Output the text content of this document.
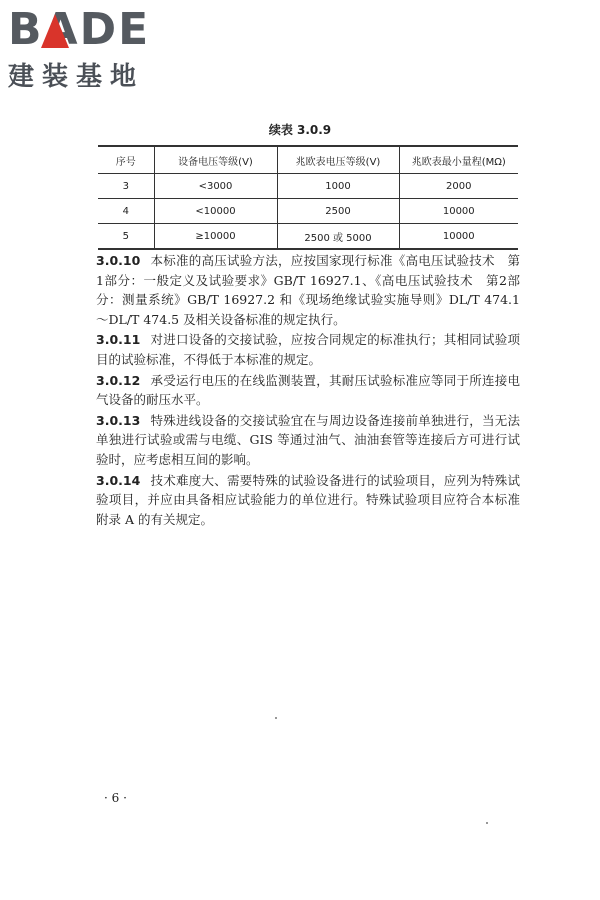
BADE
建装基地
续表 3.0.9
序号	设备电压等级(V)	兆欧表电压等级(V)	兆欧表最小量程(MΩ)
3	<3000	1000	2000
4	<10000	2500	10000
5	≥10000	2500 或 5000	10000

3.0.10 本标准的高压试验方法，应按国家现行标准《高电压试验技术　第1部分：一般定义及试验要求》GB/T 16927.1、《高电压试验技术　第2部分：测量系统》GB/T 16927.2 和《现场绝缘试验实施导则》DL/T 474.1～DL/T 474.5 及相关设备标准的规定执行。

3.0.11 对进口设备的交接试验，应按合同规定的标准执行；其相同试验项目的试验标准，不得低于本标准的规定。

3.0.12 承受运行电压的在线监测装置，其耐压试验标准应等同于所连接电气设备的耐压水平。

3.0.13 特殊进线设备的交接试验宜在与周边设备连接前单独进行，当无法单独进行试验或需与电缆、GIS 等通过油气、油油套管等连接后方可进行试验时，应考虑相互间的影响。

3.0.14 技术难度大、需要特殊的试验设备进行的试验项目，应列为特殊试验项目，并应由具备相应试验能力的单位进行。特殊试验项目应符合本标准附录 A 的有关规定。

· 6 ·
